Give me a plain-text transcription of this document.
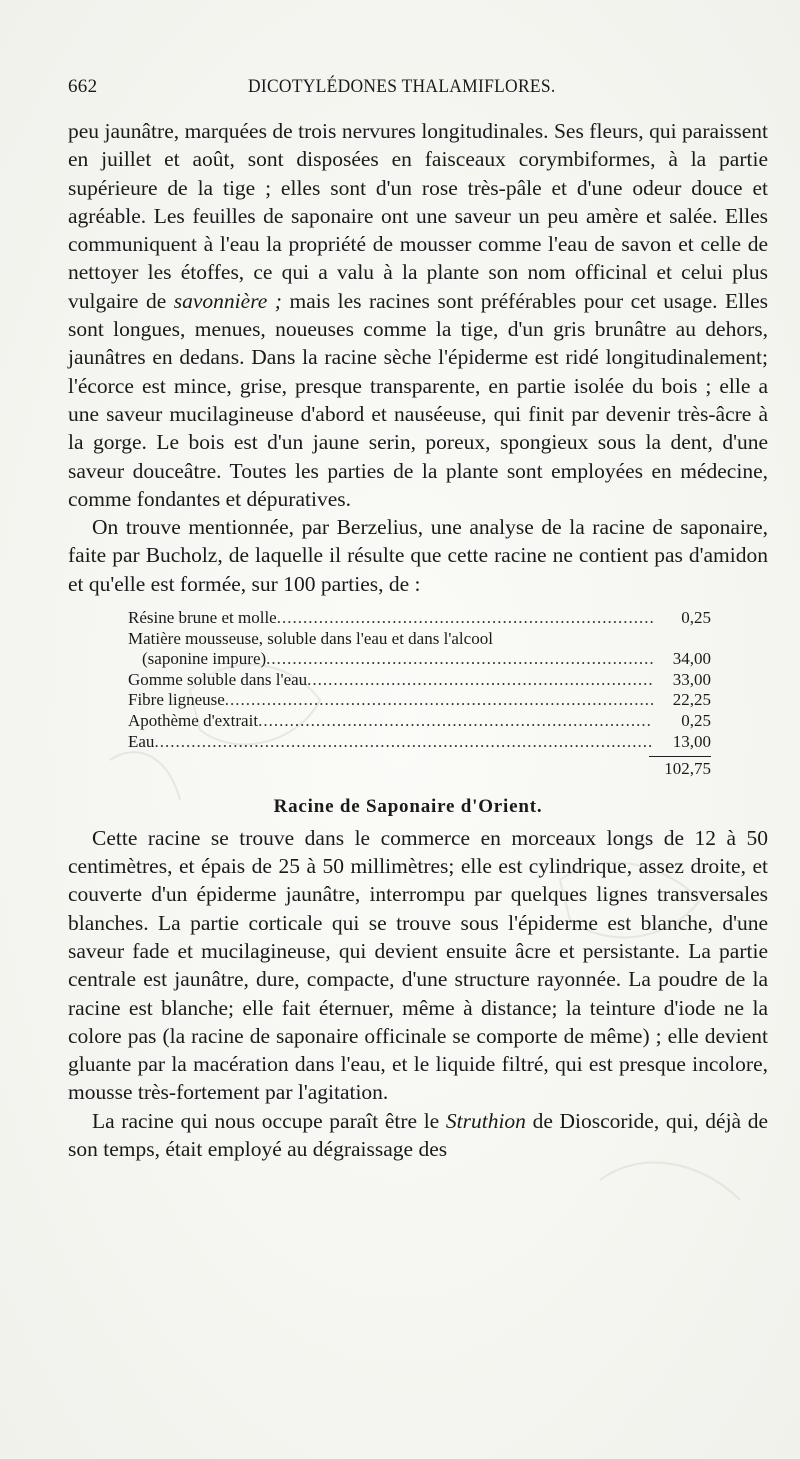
662	DICOTYLÉDONES THALAMIFLORES.

peu jaunâtre, marquées de trois nervures longitudinales. Ses fleurs, qui paraissent en juillet et août, sont disposées en faisceaux corymbiformes, à la partie supérieure de la tige ; elles sont d'un rose très-pâle et d'une odeur douce et agréable. Les feuilles de saponaire ont une saveur un peu amère et salée. Elles communiquent à l'eau la propriété de mousser comme l'eau de savon et celle de nettoyer les étoffes, ce qui a valu à la plante son nom officinal et celui plus vulgaire de savonnière ; mais les racines sont préférables pour cet usage. Elles sont longues, menues, noueuses comme la tige, d'un gris brunâtre au dehors, jaunâtres en dedans. Dans la racine sèche l'épiderme est ridé longitudinalement; l'écorce est mince, grise, presque transparente, en partie isolée du bois ; elle a une saveur mucilagineuse d'abord et nauséeuse, qui finit par devenir très-âcre à la gorge. Le bois est d'un jaune serin, poreux, spongieux sous la dent, d'une saveur douceâtre. Toutes les parties de la plante sont employées en médecine, comme fondantes et dépuratives.

On trouve mentionnée, par Berzelius, une analyse de la racine de saponaire, faite par Bucholz, de laquelle il résulte que cette racine ne contient pas d'amidon et qu'elle est formée, sur 100 parties, de :

Résine brune et molle .....	0,25
Matière mousseuse, soluble dans l'eau et dans l'alcool
(saponine impure) .....	34,00
Gomme soluble dans l'eau .....	33,00
Fibre ligneuse .....	22,25
Apothème d'extrait .....	0,25
Eau .....	13,00
102,75
Racine de Saponaire d'Orient.

Cette racine se trouve dans le commerce en morceaux longs de 12 à 50 centimètres, et épais de 25 à 50 millimètres; elle est cylindrique, assez droite, et couverte d'un épiderme jaunâtre, interrompu par quelques lignes transversales blanches. La partie corticale qui se trouve sous l'épiderme est blanche, d'une saveur fade et mucilagineuse, qui devient ensuite âcre et persistante. La partie centrale est jaunâtre, dure, compacte, d'une structure rayonnée. La poudre de la racine est blanche; elle fait éternuer, même à distance; la teinture d'iode ne la colore pas (la racine de saponaire officinale se comporte de même) ; elle devient gluante par la macération dans l'eau, et le liquide filtré, qui est presque incolore, mousse très-fortement par l'agitation.

La racine qui nous occupe paraît être le Struthion de Dioscoride, qui, déjà de son temps, était employé au dégraissage des
